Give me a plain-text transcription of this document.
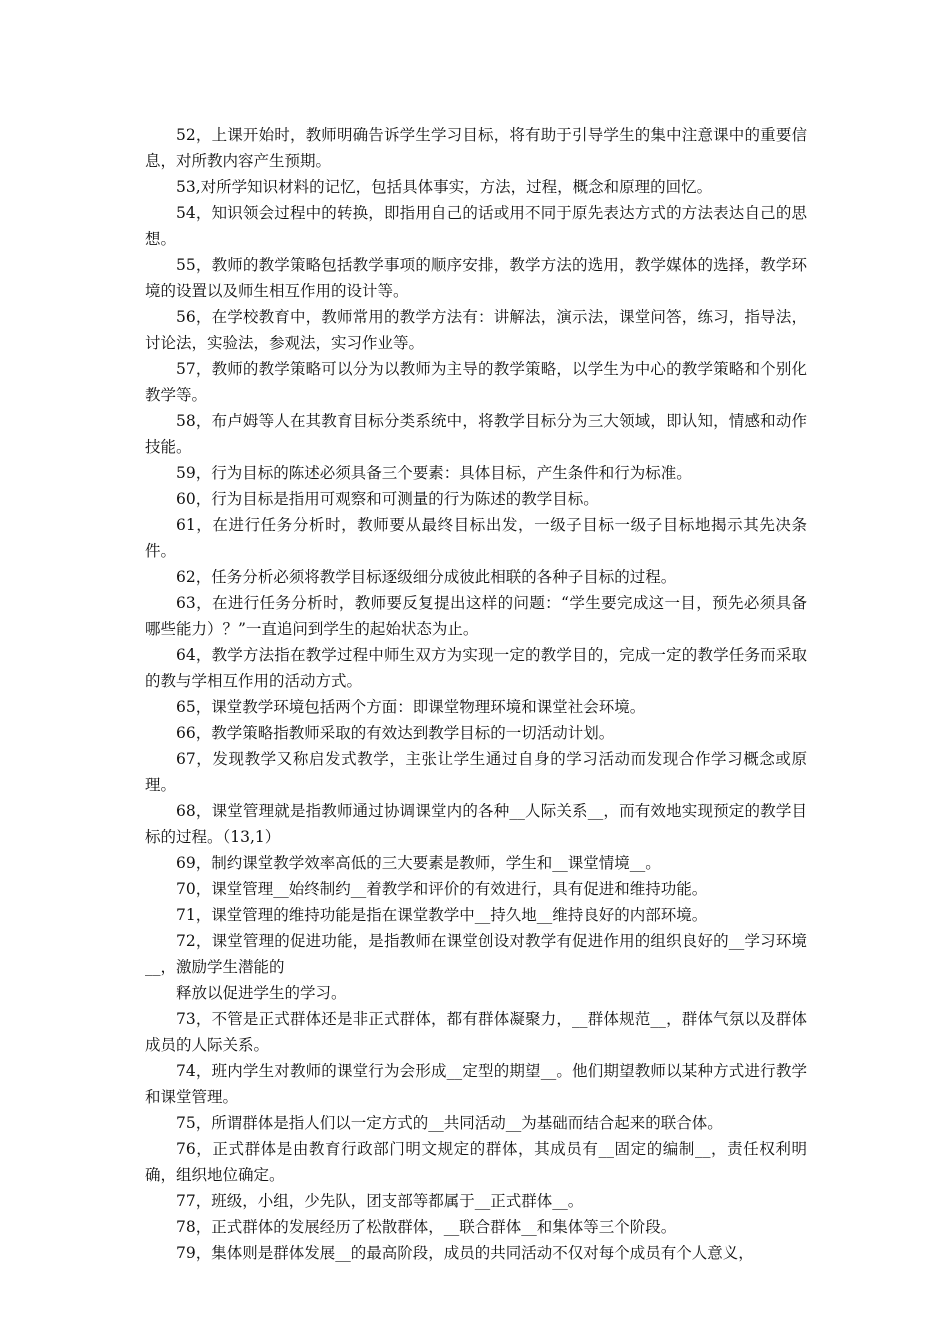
52，上课开始时，教师明确告诉学生学习目标，将有助于引导学生的集中注意课中的重要信息，对所教内容产生预期。

53,对所学知识材料的记忆，包括具体事实，方法，过程，概念和原理的回忆。

54，知识领会过程中的转换，即指用自己的话或用不同于原先表达方式的方法表达自己的思想。

55，教师的教学策略包括教学事项的顺序安排，教学方法的选用，教学媒体的选择，教学环境的设置以及师生相互作用的设计等。

56，在学校教育中，教师常用的教学方法有：讲解法，演示法，课堂问答，练习，指导法，讨论法，实验法，参观法，实习作业等。

57，教师的教学策略可以分为以教师为主导的教学策略，以学生为中心的教学策略和个别化教学等。

58，布卢姆等人在其教育目标分类系统中，将教学目标分为三大领域，即认知，情感和动作技能。

59，行为目标的陈述必须具备三个要素：具体目标，产生条件和行为标准。

60，行为目标是指用可观察和可测量的行为陈述的教学目标。

61，在进行任务分析时，教师要从最终目标出发，一级子目标一级子目标地揭示其先决条件。

62，任务分析必须将教学目标逐级细分成彼此相联的各种子目标的过程。

63，在进行任务分析时，教师要反复提出这样的问题：“学生要完成这一目，预先必须具备哪些能力）？”一直追问到学生的起始状态为止。

64，教学方法指在教学过程中师生双方为实现一定的教学目的，完成一定的教学任务而采取的教与学相互作用的活动方式。

65，课堂教学环境包括两个方面：即课堂物理环境和课堂社会环境。

66，教学策略指教师采取的有效达到教学目标的一切活动计划。

67，发现教学又称启发式教学，主张让学生通过自身的学习活动而发现合作学习概念或原理。

68，课堂管理就是指教师通过协调课堂内的各种__人际关系__，而有效地实现预定的教学目标的过程。（13,1）

69，制约课堂教学效率高低的三大要素是教师，学生和__课堂情境__。

70，课堂管理__始终制约__着教学和评价的有效进行，具有促进和维持功能。

71，课堂管理的维持功能是指在课堂教学中__持久地__维持良好的内部环境。

72，课堂管理的促进功能，是指教师在课堂创设对教学有促进作用的组织良好的__学习环境__，激励学生潜能的

释放以促进学生的学习。

73，不管是正式群体还是非正式群体，都有群体凝聚力，__群体规范__，群体气氛以及群体成员的人际关系。

74，班内学生对教师的课堂行为会形成__定型的期望__。他们期望教师以某种方式进行教学和课堂管理。

75，所谓群体是指人们以一定方式的__共同活动__为基础而结合起来的联合体。

76，正式群体是由教育行政部门明文规定的群体，其成员有__固定的编制__，责任权利明确，组织地位确定。

77，班级，小组，少先队，团支部等都属于__正式群体__。

78，正式群体的发展经历了松散群体，__联合群体__和集体等三个阶段。

79，集体则是群体发展__的最高阶段，成员的共同活动不仅对每个成员有个人意义，
